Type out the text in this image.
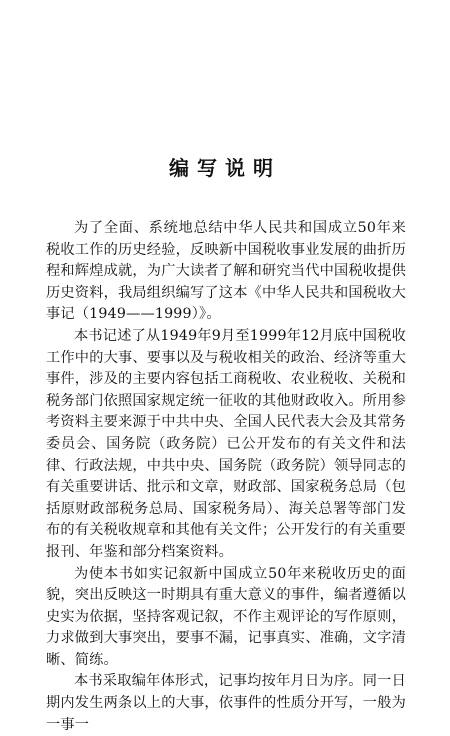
编写说明

为了全面、系统地总结中华人民共和国成立50年来税收工作的历史经验，反映新中国税收事业发展的曲折历程和辉煌成就，为广大读者了解和研究当代中国税收提供历史资料，我局组织编写了这本《中华人民共和国税收大事记（1949——1999）》。

本书记述了从1949年9月至1999年12月底中国税收工作中的大事、要事以及与税收相关的政治、经济等重大事件，涉及的主要内容包括工商税收、农业税收、关税和税务部门依照国家规定统一征收的其他财政收入。所用参考资料主要来源于中共中央、全国人民代表大会及其常务委员会、国务院（政务院）已公开发布的有关文件和法律、行政法规，中共中央、国务院（政务院）领导同志的有关重要讲话、批示和文章，财政部、国家税务总局（包括原财政部税务总局、国家税务局）、海关总署等部门发布的有关税收规章和其他有关文件；公开发行的有关重要报刊、年鉴和部分档案资料。

为使本书如实记叙新中国成立50年来税收历史的面貌，突出反映这一时期具有重大意义的事件，编者遵循以史实为依据，坚持客观记叙，不作主观评论的写作原则，力求做到大事突出，要事不漏，记事真实、准确，文字清晰、简练。

本书采取编年体形式，记事均按年月日为序。同一日期内发生两条以上的大事，依事件的性质分开写，一般为一事一
